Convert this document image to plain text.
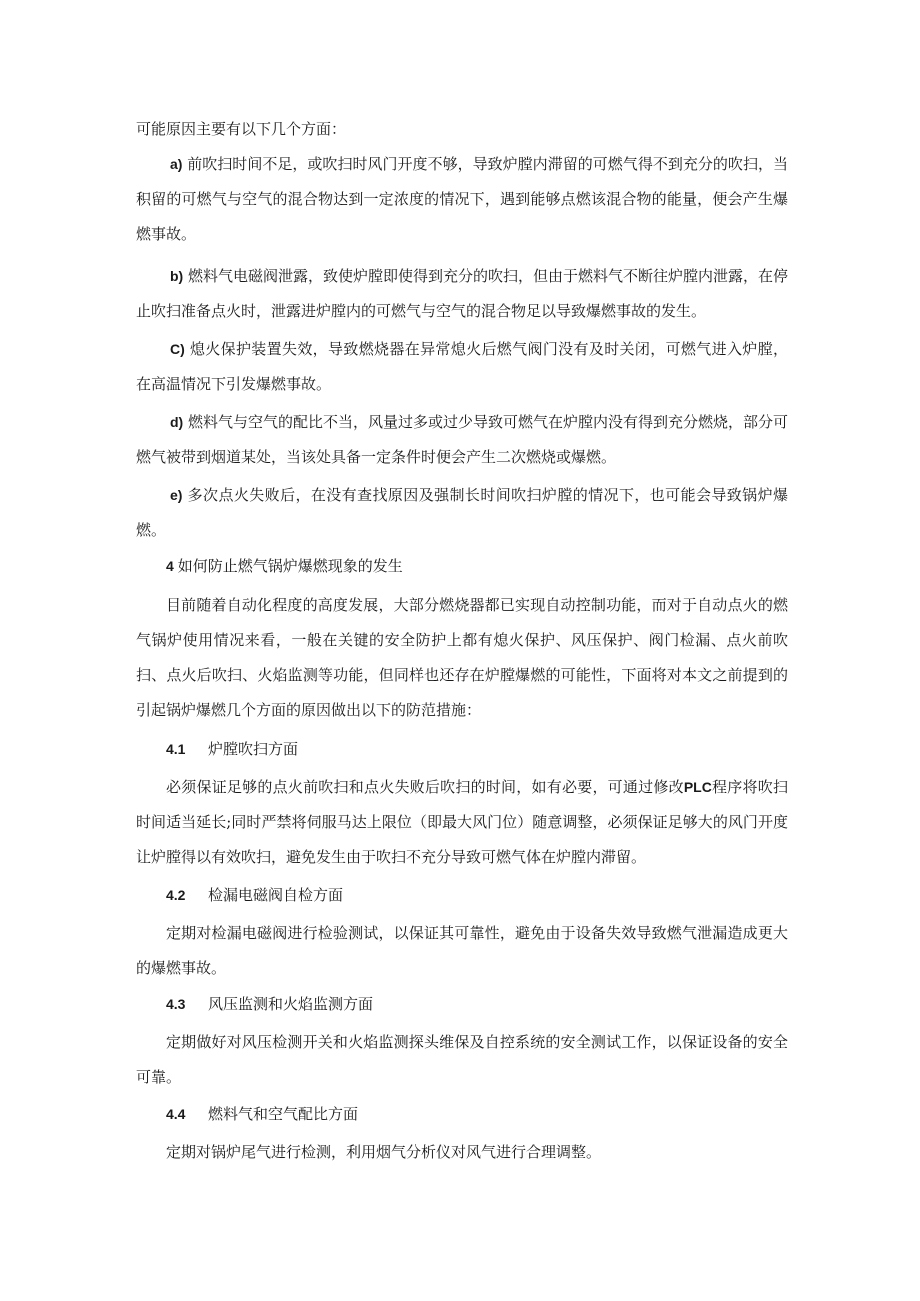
可能原因主要有以下几个方面：

a) 前吹扫时间不足，或吹扫时风门开度不够，导致炉膛内滞留的可燃气得不到充分的吹扫，当积留的可燃气与空气的混合物达到一定浓度的情况下，遇到能够点燃该混合物的能量，便会产生爆燃事故。

b) 燃料气电磁阀泄露，致使炉膛即使得到充分的吹扫，但由于燃料气不断往炉膛内泄露，在停止吹扫准备点火时，泄露进炉膛内的可燃气与空气的混合物足以导致爆燃事故的发生。

C) 熄火保护装置失效，导致燃烧器在异常熄火后燃气阀门没有及时关闭，可燃气进入炉膛，在高温情况下引发爆燃事故。

d) 燃料气与空气的配比不当，风量过多或过少导致可燃气在炉膛内没有得到充分燃烧，部分可燃气被带到烟道某处，当该处具备一定条件时便会产生二次燃烧或爆燃。

e) 多次点火失败后，在没有查找原因及强制长时间吹扫炉膛的情况下，也可能会导致锅炉爆燃。

4 如何防止燃气锅炉爆燃现象的发生

目前随着自动化程度的高度发展，大部分燃烧器都已实现自动控制功能，而对于自动点火的燃气锅炉使用情况来看，一般在关键的安全防护上都有熄火保护、风压保护、阀门检漏、点火前吹扫、点火后吹扫、火焰监测等功能，但同样也还存在炉膛爆燃的可能性，下面将对本文之前提到的引起锅炉爆燃几个方面的原因做出以下的防范措施：

4.1 炉膛吹扫方面

必须保证足够的点火前吹扫和点火失败后吹扫的时间，如有必要，可通过修改PLC程序将吹扫时间适当延长;同时严禁将伺服马达上限位（即最大风门位）随意调整，必须保证足够大的风门开度让炉膛得以有效吹扫，避免发生由于吹扫不充分导致可燃气体在炉膛内滞留。

4.2 检漏电磁阀自检方面

定期对检漏电磁阀进行检验测试，以保证其可靠性，避免由于设备失效导致燃气泄漏造成更大的爆燃事故。

4.3 风压监测和火焰监测方面

定期做好对风压检测开关和火焰监测探头维保及自控系统的安全测试工作，以保证设备的安全可靠。

4.4 燃料气和空气配比方面

定期对锅炉尾气进行检测，利用烟气分析仪对风气进行合理调整。
